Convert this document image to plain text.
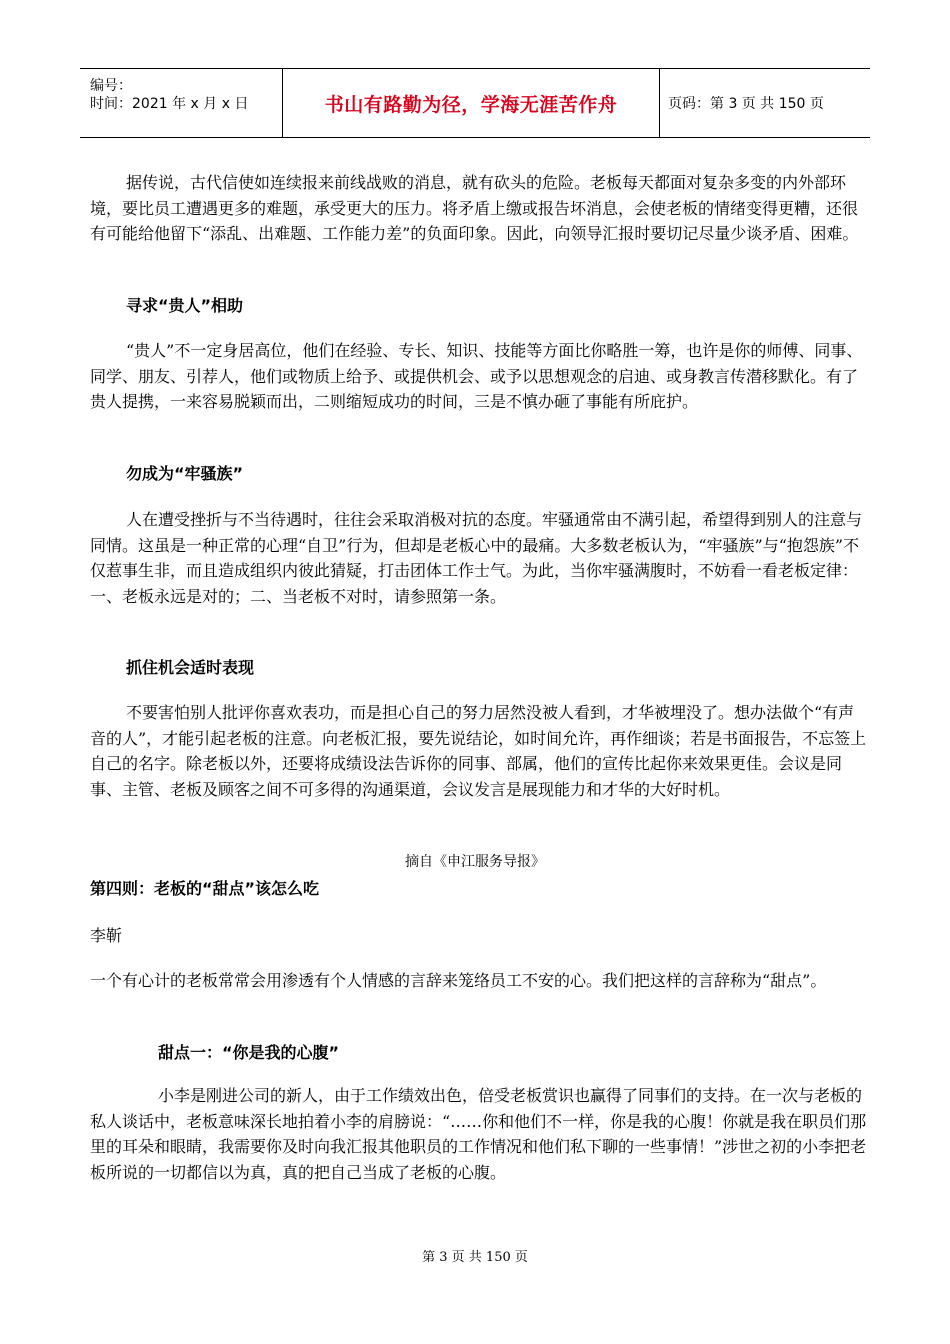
编号：
时间：2021 年 x 月 x 日	书山有路勤为径，学海无涯苦作舟	页码：第 3 页 共 150 页
据传说，古代信使如连续报来前线战败的消息，就有砍头的危险。老板每天都面对复杂多变的内外部环境，要比员工遭遇更多的难题，承受更大的压力。将矛盾上缴或报告坏消息，会使老板的情绪变得更糟，还很有可能给他留下“添乱、出难题、工作能力差”的负面印象。因此，向领导汇报时要切记尽量少谈矛盾、困难。
寻求“贵人”相助
“贵人”不一定身居高位，他们在经验、专长、知识、技能等方面比你略胜一筹，也许是你的师傅、同事、同学、朋友、引荐人，他们或物质上给予、或提供机会、或予以思想观念的启迪、或身教言传潜移默化。有了贵人提携，一来容易脱颖而出，二则缩短成功的时间，三是不慎办砸了事能有所庇护。
勿成为“牢骚族”
人在遭受挫折与不当待遇时，往往会采取消极对抗的态度。牢骚通常由不满引起，希望得到别人的注意与同情。这虽是一种正常的心理“自卫”行为，但却是老板心中的最痛。大多数老板认为，“牢骚族”与“抱怨族”不仅惹事生非，而且造成组织内彼此猜疑，打击团体工作士气。为此，当你牢骚满腹时，不妨看一看老板定律：一、老板永远是对的；二、当老板不对时，请参照第一条。
抓住机会适时表现
不要害怕别人批评你喜欢表功，而是担心自己的努力居然没被人看到，才华被埋没了。想办法做个“有声音的人”，才能引起老板的注意。向老板汇报，要先说结论，如时间允许，再作细谈；若是书面报告，不忘签上自己的名字。除老板以外，还要将成绩设法告诉你的同事、部属，他们的宣传比起你来效果更佳。会议是同事、主管、老板及顾客之间不可多得的沟通渠道，会议发言是展现能力和才华的大好时机。
摘自《申江服务导报》
第四则：老板的“甜点”该怎么吃
李靳
一个有心计的老板常常会用渗透有个人情感的言辞来笼络员工不安的心。我们把这样的言辞称为“甜点”。
甜点一：“你是我的心腹”
小李是刚进公司的新人，由于工作绩效出色，倍受老板赏识也赢得了同事们的支持。在一次与老板的私人谈话中，老板意味深长地拍着小李的肩膀说：“……你和他们不一样，你是我的心腹！你就是我在职员们那里的耳朵和眼睛，我需要你及时向我汇报其他职员的工作情况和他们私下聊的一些事情！”涉世之初的小李把老板所说的一切都信以为真，真的把自己当成了老板的心腹。
第 3 页 共 150 页
